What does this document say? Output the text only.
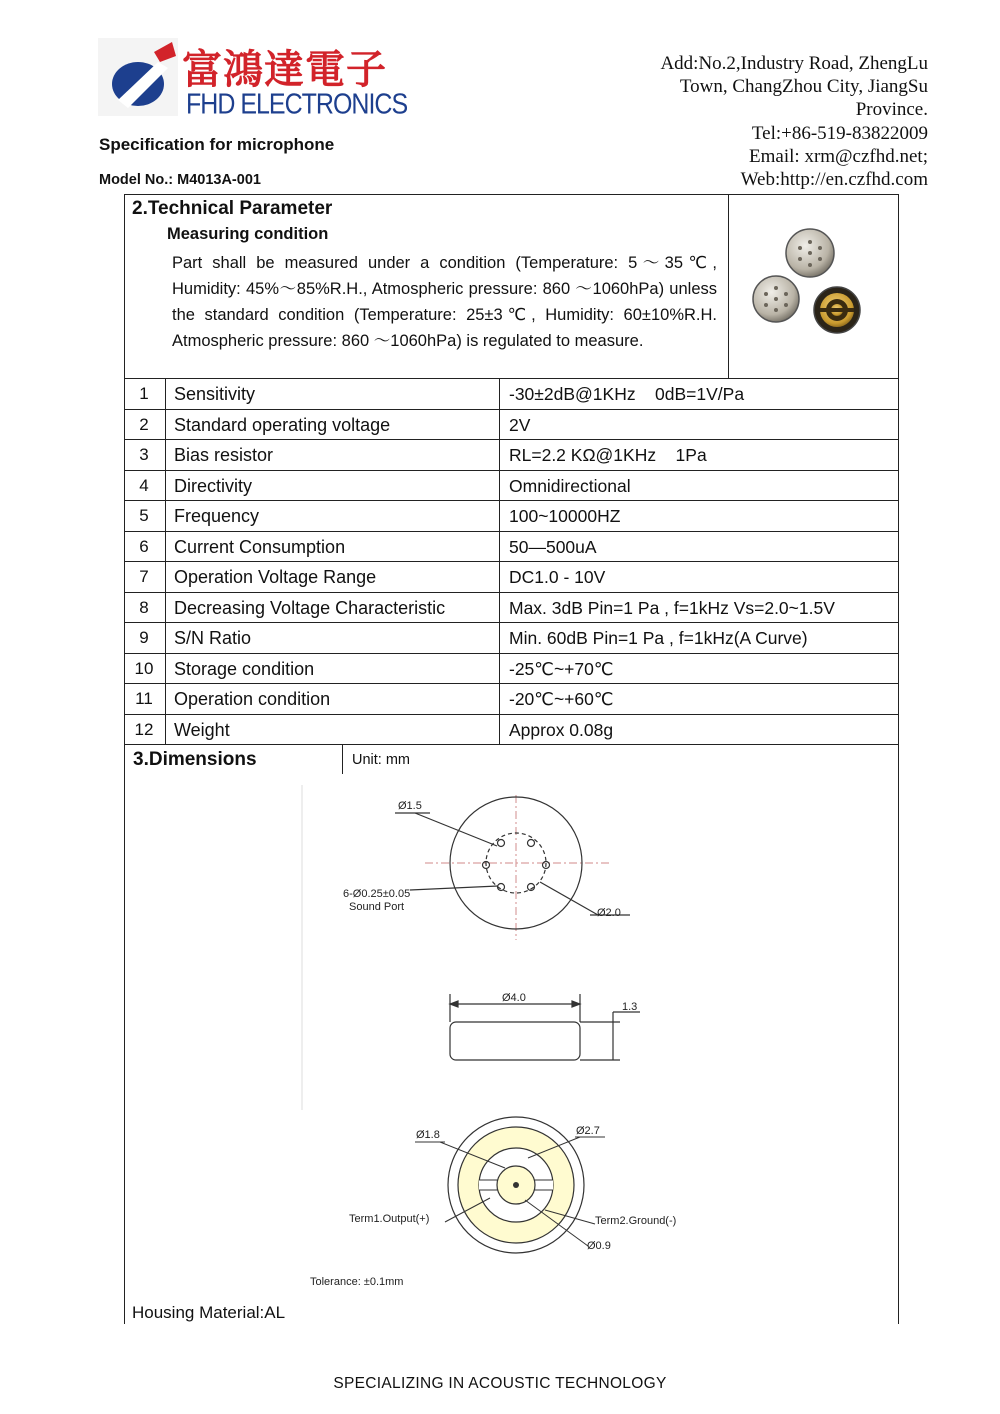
富鴻達電子
FHD ELECTRONICS
Specification for microphone
Model No.: M4013A-001
Add:No.2,Industry Road, ZhengLu
Town, ChangZhou City, JiangSu
Province.
Tel:+86-519-83822009
Email: xrm@czfhd.net;
Web:http://en.czfhd.com
2.Technical Parameter
Measuring condition
Part shall be measured under a condition (Temperature: 5～35℃, Humidity: 45%～85%R.H., Atmospheric pressure: 860 ～1060hPa) unless the standard condition (Temperature: 25±3℃, Humidity: 60±10%R.H. Atmospheric pressure: 860 ～1060hPa) is regulated to measure.
1	Sensitivity	-30±2dB@1KHz    0dB=1V/Pa
2	Standard operating voltage	2V
3	Bias resistor	RL=2.2 KΩ@1KHz    1Pa
4	Directivity	Omnidirectional
5	Frequency	100~10000HZ
6	Current Consumption	50—500uA
7	Operation Voltage Range	DC1.0 - 10V
8	Decreasing Voltage Characteristic	Max. 3dB Pin=1 Pa , f=1kHz Vs=2.0~1.5V
9	S/N Ratio	Min. 60dB Pin=1 Pa , f=1kHz(A Curve)
10	Storage condition	-25℃~+70℃
11	Operation condition	-20℃~+60℃
12	Weight	Approx 0.08g
3.Dimensions	Unit: mm
Ø1.5
6-Ø0.25±0.05
Sound Port	Ø2.0
Ø4.0
1.3
Ø1.8	Ø2.7
Term1.Output(+)	Term2.Ground(-)
Ø0.9
Tolerance: ±0.1mm
Housing Material:AL
SPECIALIZING IN ACOUSTIC TECHNOLOGY
